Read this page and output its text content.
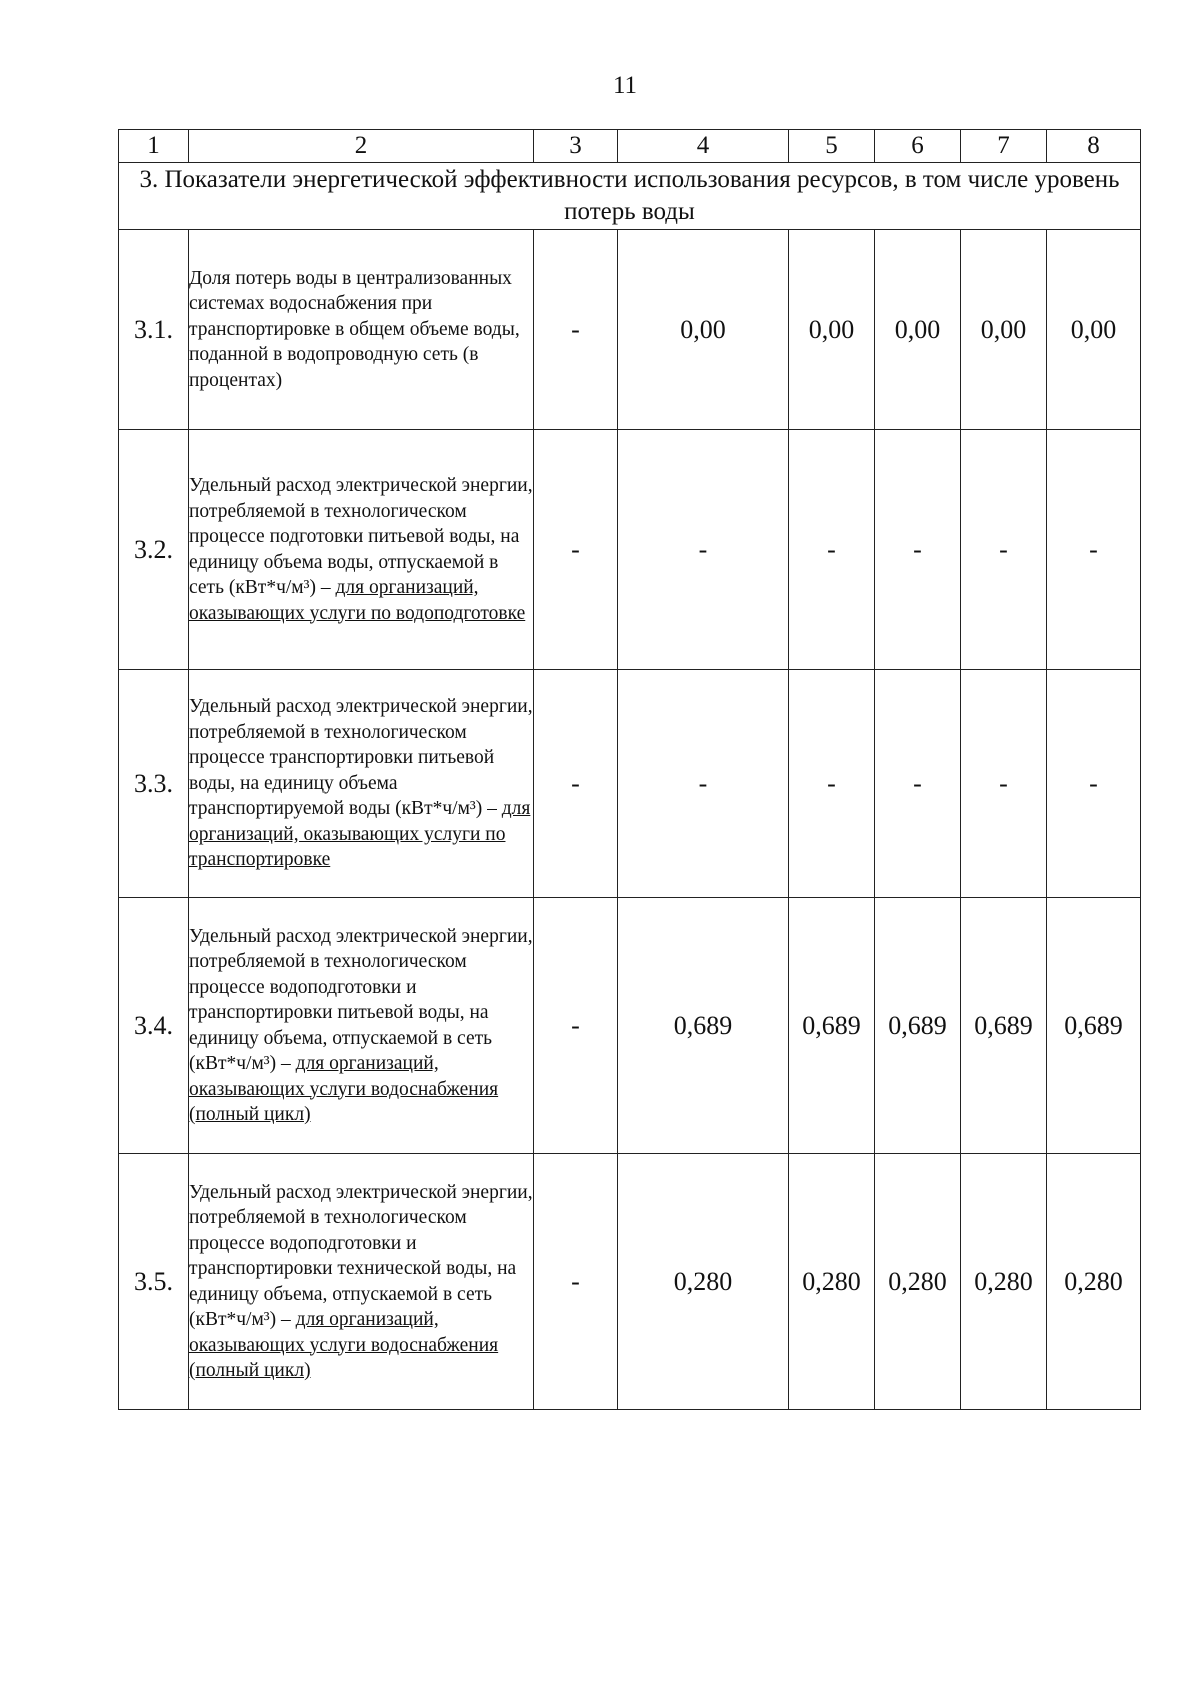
11
1	2	3	4	5	6	7	8
3. Показатели энергетической эффективности использования ресурсов, в том числе уровень потерь воды							
3.1.	Доля потерь воды в централизованных системах водоснабжения при транспортировке в общем объеме воды, поданной в водопроводную сеть (в процентах)	-	0,00	0,00	0,00	0,00	0,00
3.2.	Удельный расход электрической энергии, потребляемой в технологическом процессе подготовки питьевой воды, на единицу объема воды, отпускаемой в сеть (кВт*ч/м³) – для организаций, оказывающих услуги по водоподготовке	-	-	-	-	-	-
3.3.	Удельный расход электрической энергии, потребляемой в технологическом процессе транспортировки питьевой воды, на единицу объема транспортируемой воды (кВт*ч/м³) – для организаций, оказывающих услуги по транспортировке	-	-	-	-	-	-
3.4.	Удельный расход электрической энергии, потребляемой в технологическом процессе водоподготовки и транспортировки питьевой воды, на единицу объема, отпускаемой в сеть (кВт*ч/м³) – для организаций, оказывающих услуги водоснабжения (полный цикл)	-	0,689	0,689	0,689	0,689	0,689
3.5.	Удельный расход электрической энергии, потребляемой в технологическом процессе водоподготовки и транспортировки технической воды, на единицу объема, отпускаемой в сеть (кВт*ч/м³) – для организаций, оказывающих услуги водоснабжения (полный цикл)	-	0,280	0,280	0,280	0,280	0,280
